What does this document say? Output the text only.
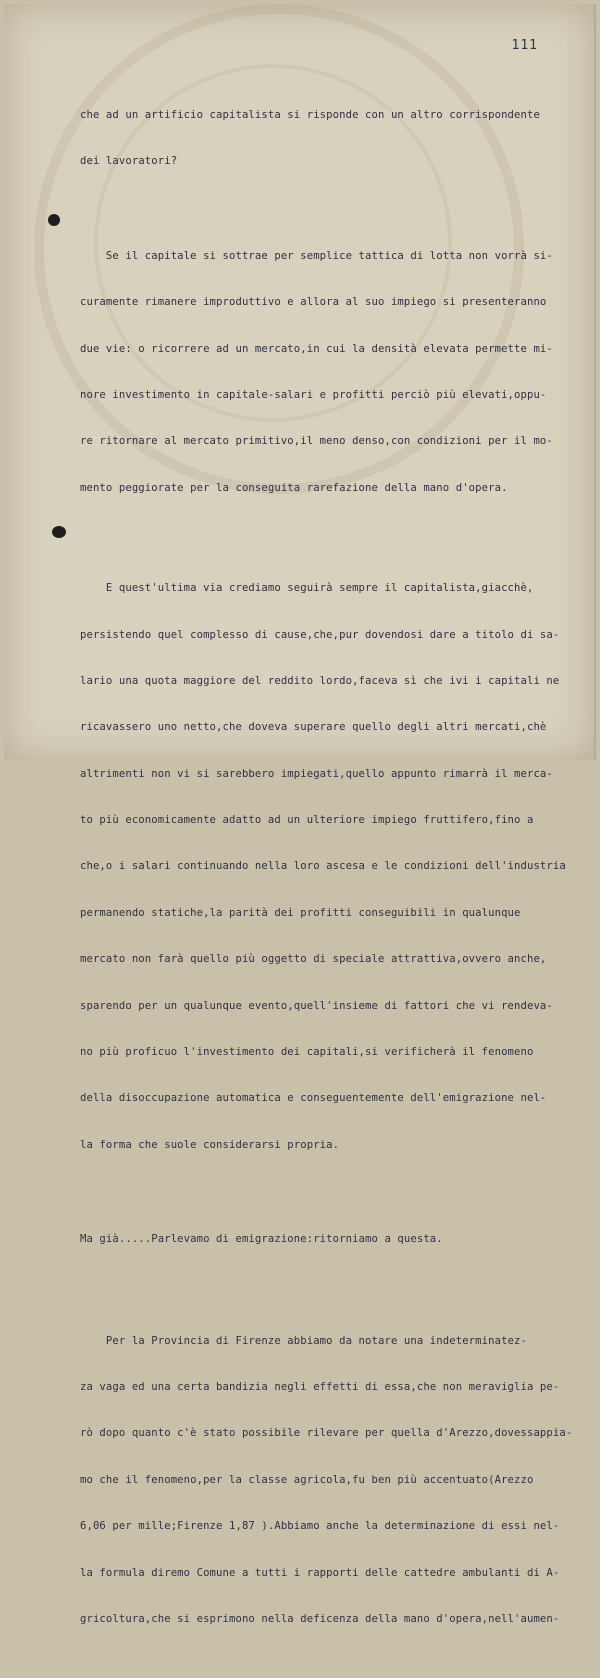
111

che ad un artificio capitalista si risponde con un altro corrispondente

dei lavoratori?

Se il capitale si sottrae per semplice tattica di lotta non vorrà si-

curamente rimanere improduttivo e allora al suo impiego si presenteranno

due vie: o ricorrere ad un mercato,in cui la densità elevata permette mi-

nore investimento in capitale-salari e profitti perciò più elevati,oppu-

re ritornare al mercato primitivo,il meno denso,con condizioni per il mo-

mento peggiorate per la conseguita rarefazione della mano d'opera.

E quest'ultima via crediamo seguirà sempre il capitalista,giacchè,

persistendo quel complesso di cause,che,pur dovendosi dare a titolo di sa-

lario una quota maggiore del reddito lordo,faceva sì che ivi i capitali ne

ricavassero uno netto,che doveva superare quello degli altri mercati,chè

altrimenti non vi si sarebbero impiegati,quello appunto rimarrà il merca-

to più economicamente adatto ad un ulteriore impiego fruttifero,fino a

che,o i salari continuando nella loro ascesa e le condizioni dell'industria

permanendo statiche,la parità dei profitti conseguibili in qualunque

mercato non farà quello più oggetto di speciale attrattiva,ovvero anche,

sparendo per un qualunque evento,quell'insieme di fattori che vi rendeva-

no più proficuo l'investimento dei capitali,si verificherà il fenomeno

della disoccupazione automatica e conseguentemente dell'emigrazione nel-

la forma che suole considerarsi propria.

Ma già.....Parlevamo di emigrazione:ritorniamo a questa.

Per la Provincia di Firenze abbiamo da notare una indeterminatez-

za vaga ed una certa bandizia negli effetti di essa,che non meraviglia pe-

rò dopo quanto c'è stato possibile rilevare per quella d'Arezzo,dovessappia-

mo che il fenomeno,per la classe agricola,fu ben più accentuato(Arezzo

6,06 per mille;Firenze 1,87 ).Abbiamo anche la determinazione di essi nel-

la formula diremo Comune a tutti i rapporti delle cattedre ambulanti di A-

gricoltura,che si esprimono nella deficenza della mano d'opera,nell'aumen-
